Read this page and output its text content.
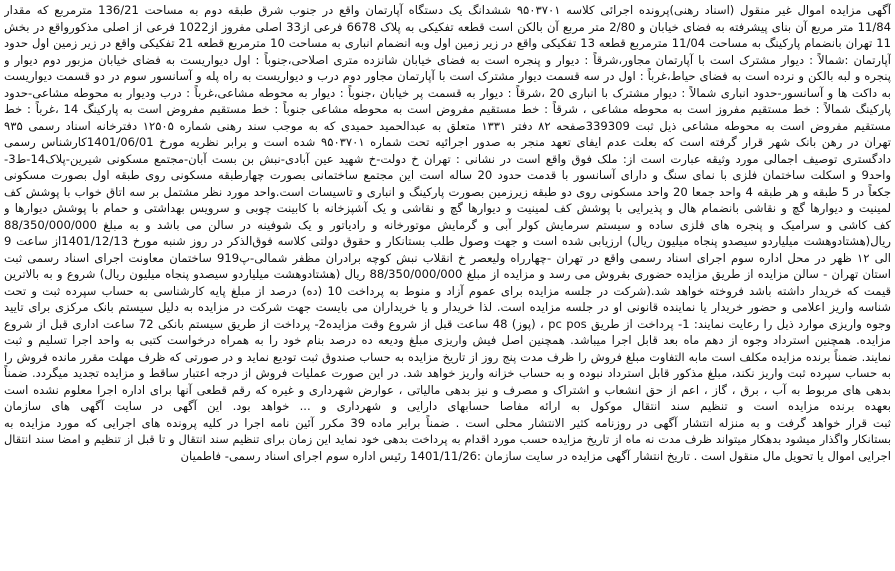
آگهی مزایده اموال غیر منقول (اسناد رهنی)پرونده اجرائی کلاسه ۹۵۰۳۷۰۱ ششدانگ یک دستگاه آپارتمان واقع در جنوب شرق طبقه دوم به مساحت 136/21 مترمربع که مقدار
11/84 متر مربع آن بنای پیشرفته به فضای خیابان و 2/80 متر مربع آن بالکن است قطعه تفکیکی به پلاک 6678 فرعی از33 اصلی مفروز از1022 فرعی از اصلی مذکورواقع در بخش
11 تهران بانضمام پارکینگ به مساحت 11/04 مترمربع قطعه 13 تفکیکی واقع در زیر زمین اول وبه انضمام انباری به مساحت 10 مترمربع قطعه 21 تفکیکی واقع در زیر زمین اول حدود
آپارتمان :شمالاً : دیوار مشترک است با آپارتمان مجاور،شرقاً : دیوار و پنجره است به فضای خیابان شانزده متری اصلاحی،جنوباً : اول دیواریست به فضای خیابان مزبور دوم دیوار و
پنجره و لبه بالکن و نرده است به فضای حیاط،غرباً : اول در سه قسمت دیوار مشترک است با آپارتمان مجاور دوم درب و دیواریست به راه پله و آسانسور سوم در دو قسمت دیواریست
به داکت ها و آسانسور-حدود انباری شمالاً : دیوار مشترک با انباری 20 ،شرقاً : دیوار به قسمت پر خیابان ،جنوباً : دیوار به محوطه مشاعی،غرباً : درب ودیوار به محوطه مشاعی-حدود
پارکینگ شمالاً : خط مستقیم مفروز است به محوطه مشاعی ، شرقاً : خط مستقیم مفروض است به محوطه مشاعی جنوباً : خط مستقیم مفروض است به پارکینگ 14 ،غرباً : خط
مستقیم مفروض است به محوطه مشاعی ذیل ثبت 339309صفحه ۸۲ دفتر ۱۳۳۱ متعلق به عبدالحمید حمیدی که به موجب سند رهنی شماره ۱۲۵۰۵ دفترخانه اسناد رسمی ۹۳۵
تهران در رهن بانک شهر قرار گرفته است که بعلت عدم ایفای تعهد منجر به صدور اجرائیه تحت شماره ۹۵۰۳۷۰۱ شده است و برابر نظریه مورخ 1401/06/01کارشناس رسمی
دادگستری توصیف اجمالی مورد وثیقه عبارت است از: ملک فوق واقع است در نشانی : تهران خ دولت-خ شهید عین آبادی-نبش بن بست آبان-مجتمع مسکونی شیرین-پلاک14-ط3-
واحد9 و اسکلت ساختمان فلزی با نمای سنگ و دارای آسانسور با قدمت حدود 20 ساله است این مجتمع ساختمانی بصورت چهارطبقه مسکونی روی طبقه اول بصورت مسکونی
جکعاً در 5 طبقه و هر طبقه 4 واحد جمعا 20 واحد مسکونی روی دو طبقه زیرزمین بصورت پارکینگ و انباری و تاسیسات است.واحد مورد نظر مشتمل بر سه اتاق خواب با پوشش کف
لمینیت و دیوارها گچ و نقاشی بانضمام هال و پذیرایی با پوشش کف لمینیت و دیوارها گچ و نقاشی و یک آشپزخانه با کابینت چوبی و سرویس بهداشتی و حمام با پوشش دیوارها و
کف کاشی و سرامیک و پنجره های فلزی ساده و سیستم سرمایش کولر آبی و گرمایش موتورخانه و رادیاتور و یک شوفینه در سالن می باشد و به مبلغ 88/350/000/000
ریال(هشتادوهشت میلیاردو سیصدو پنجاه میلیون ریال) ارزیابی شده است و جهت وصول طلب بستانکار و حقوق دولتی کلاسه فوق‌الذکر در روز شنبه مورخ 1401/12/13از ساعت 9
الی ۱۲ ظهر در محل اداره سوم اجرای اسناد رسمی واقع در تهران -چهارراه ولیعصر خ انقلاب نبش کوچه برادران مظفر شمالی-پ919 ساختمان معاونت اجرای اسناد رسمی ثبت
استان تهران - سالن مزایده از طریق مزایده حضوری بفروش می رسد و مزایده از مبلغ 88/350/000/000 ریال (هشتادوهشت میلیاردو سیصدو پنجاه میلیون ریال) شروع و به بالاترین
قیمت که خریدار داشته باشد فروخته خواهد شد.(شرکت در جلسه مزایده برای عموم آزاد و منوط به پرداخت 10 (ده) درصد از مبلغ پایه کارشناسی به حساب سپرده ثبت و تحت
شناسه واریز اعلامی و حضور خریدار یا نماینده قانونی او در جلسه مزایده است. لذا خریدار و یا خریداران می بایست جهت شرکت در مزایده به دلیل سیستم بانک مرکزی برای تایید
وجوه واریزی موارد ذیل را رعایت نمایند: 1- پرداخت از طریق pc pos ، (پوز) 48 ساعت قبل از شروع وقت مزایده2- پرداخت از طریق سیستم بانکی 72 ساعت اداری قبل از شروع
مزایده. همچنین استرداد وجوه از دهم ماه بعد قابل اجرا میباشد. همچنین اصل فیش واریزی مبلغ ودیعه ده درصد بنام خود را به همراه درخواست کتبی به واحد اجرا تسلیم و ثبت
نمایند. ضمناً برنده مزایده مکلف است مابه التفاوت مبلغ فروش را ظرف مدت پنج روز از تاریخ مزایده به حساب صندوق ثبت تودیع نماید و در صورتی که ظرف مهلت مقرر مانده فروش را
به حساب سپرده ثبت واریز نکند، مبلغ مذکور قابل استرداد نبوده و به حساب خزانه واریز خواهد شد. در این صورت عملیات فروش از درجه اعتبار ساقط و مزایده تجدید میگردد. ضمناً
بدهی های مربوط به آب ، برق ، گاز ، اعم از حق انشعاب و اشتراک و مصرف و نیز بدهی مالیاتی ، عوارض شهرداری و غیره که رقم قطعی آنها برای اداره اجرا معلوم نشده است
بعهده برنده مزایده است و تنظیم سند انتقال موکول به ارائه مفاصا حسابهای دارایی و شهرداری و ... خواهد بود. این آگهی در سایت آگهی های سازمان
ثبت قرار خواهد گرفت و به منزله انتشار آگهی در روزنامه کثیر الانتشار محلی است . ضمناً برابر ماده 39 مکرر آئین نامه اجرا در کلیه پرونده های اجرایی که مورد مزایده به
بستانکار واگذار میشود بدهکار میتواند ظرف مدت نه ماه از تاریخ مزایده حسب مورد اقدام به پرداخت بدهی خود نماید این زمان برای تنظیم سند انتقال و تا قبل از تنظیم و امضا سند انتقال
اجرایی اموال یا تحویل مال منقول است . تاریخ انتشار آگهی مزایده در سایت سازمان :1401/11/26 رئیس اداره سوم اجرای اسناد رسمی- فاطمیان
